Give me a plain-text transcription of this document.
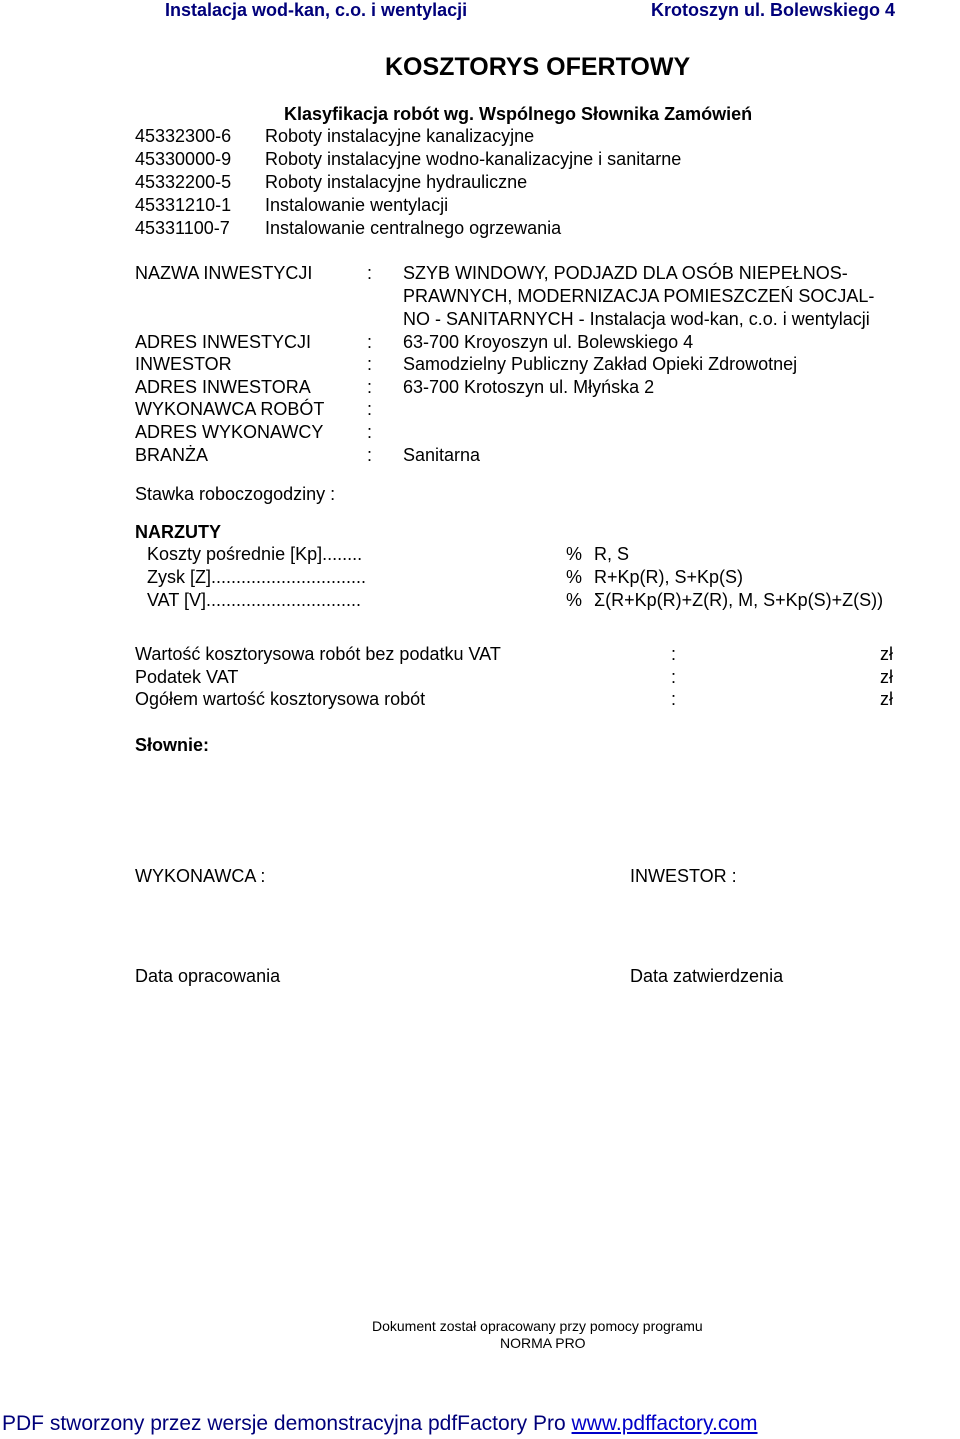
Instalacja wod-kan, c.o. i wentylacji	Krotoszyn ul. Bolewskiego 4
KOSZTORYS OFERTOWY
Klasyfikacja robót wg. Wspólnego Słownika Zamówień
45332300-6 Roboty instalacyjne kanalizacyjne
45330000-9 Roboty instalacyjne wodno-kanalizacyjne i sanitarne
45332200-5 Roboty instalacyjne hydrauliczne
45331210-1 Instalowanie wentylacji
45331100-7 Instalowanie centralnego ogrzewania
NAZWA INWESTYCJI	: SZYB WINDOWY, PODJAZD DLA OSÓB NIEPEŁNOS-
PRAWNYCH, MODERNIZACJA POMIESZCZEŃ SOCJAL-
NO - SANITARNYCH - Instalacja wod-kan, c.o. i wentylacji
ADRES INWESTYCJI	: 63-700 Kroyoszyn ul. Bolewskiego 4
INWESTOR	: Samodzielny Publiczny Zakład Opieki Zdrowotnej
ADRES INWESTORA	: 63-700 Krotoszyn ul. Młyńska 2
WYKONAWCA ROBÓT :
ADRES WYKONAWCY :
BRANŻA	: Sanitarna
Stawka roboczogodziny :
NARZUTY
Koszty pośrednie [Kp]........	% R, S
Zysk [Z]...............................	% R+Kp(R), S+Kp(S)
VAT [V]...............................	% Σ(R+Kp(R)+Z(R), M, S+Kp(S)+Z(S))
Wartość kosztorysowa robót bez podatku VAT	:	zł
Podatek VAT	:	zł
Ogółem wartość kosztorysowa robót	:	zł
Słownie:
WYKONAWCA :	INWESTOR :
Data opracowania	Data zatwierdzenia
Dokument został opracowany przy pomocy programu
NORMA PRO
PDF stworzony przez wersje demonstracyjna pdfFactory Pro www.pdffactory.com
